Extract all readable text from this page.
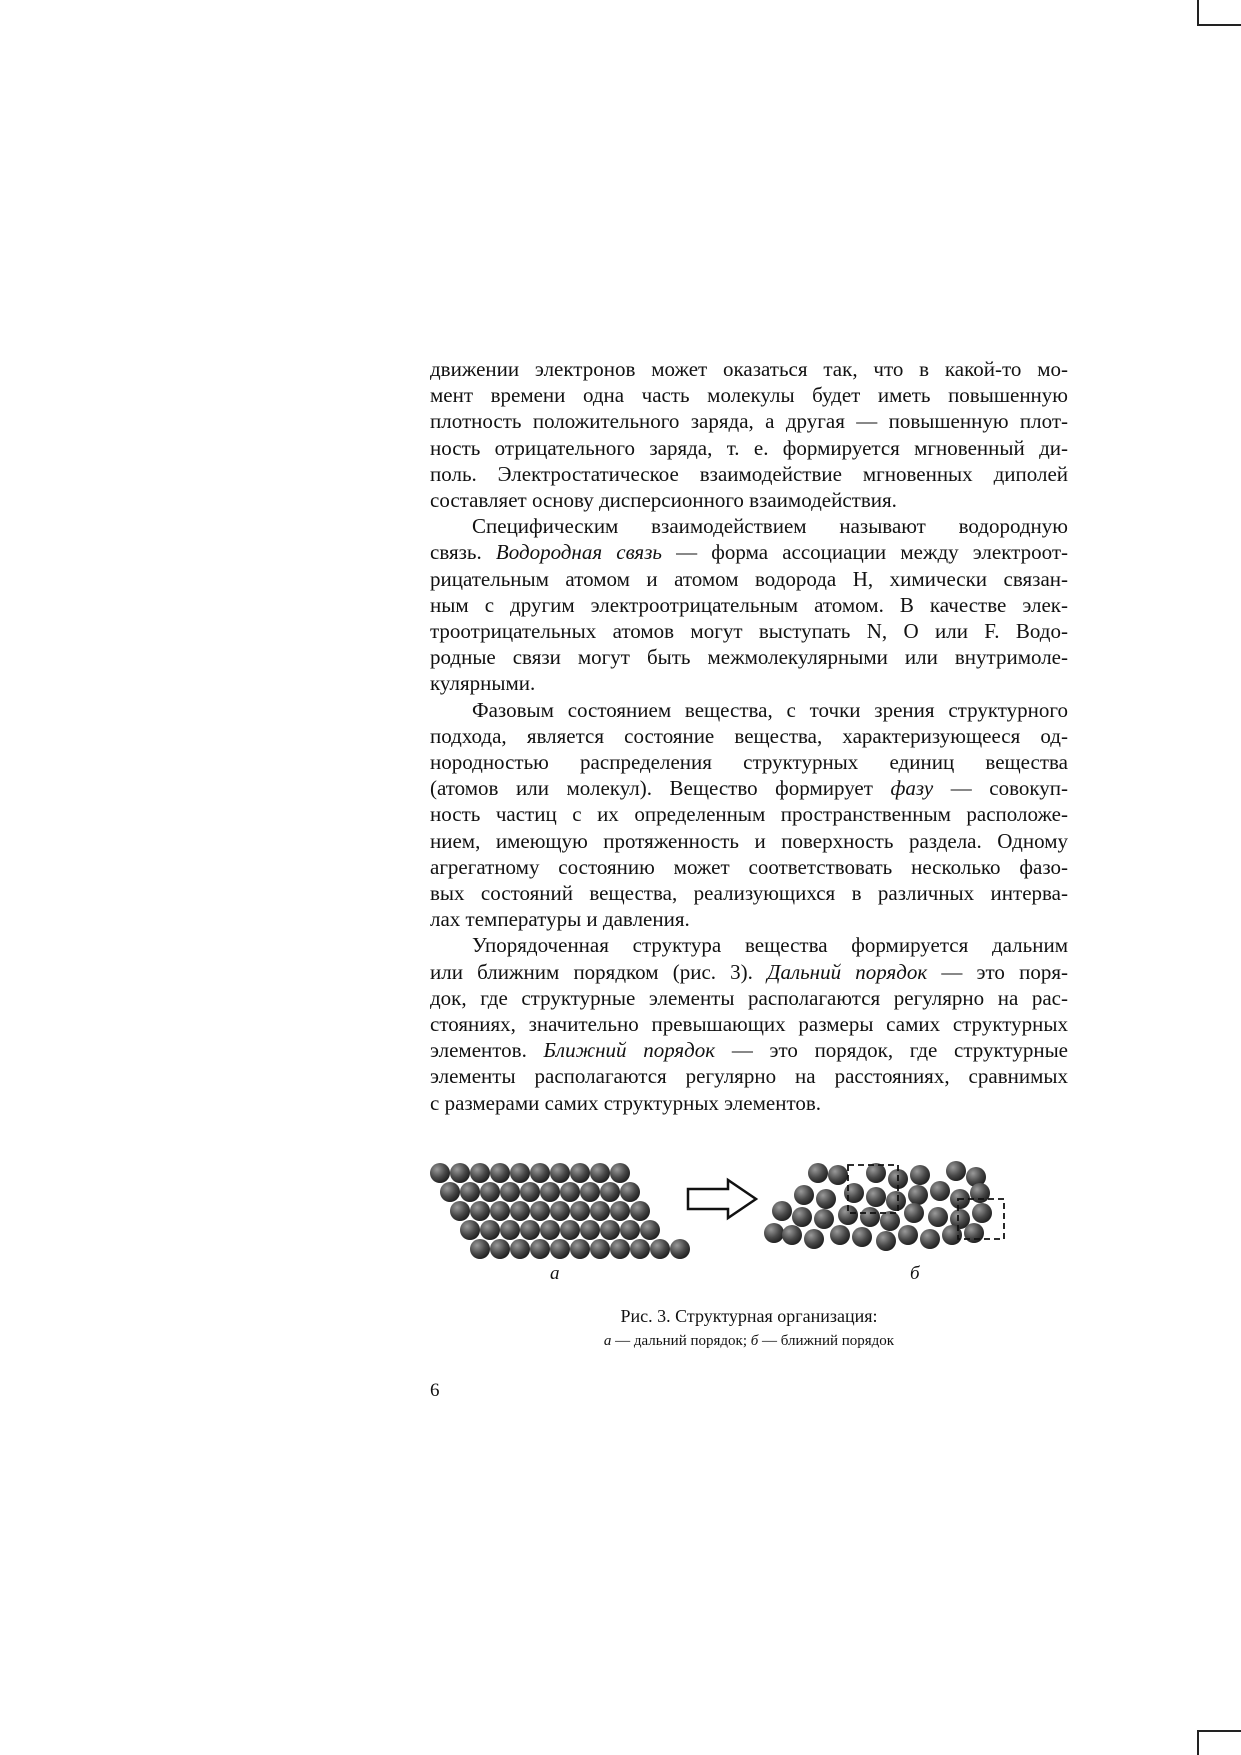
движении электронов может оказаться так, что в какой-то мо-
мент времени одна часть молекулы будет иметь повышенную
плотность положительного заряда, а другая — повышенную плот-
ность отрицательного заряда, т. е. формируется мгновенный ди-
поль. Электростатическое взаимодействие мгновенных диполей
составляет основу дисперсионного взаимодействия.

Специфическим взаимодействием называют водородную
связь. Водородная связь — форма ассоциации между электроот-
рицательным атомом и атомом водорода H, химически связан-
ным с другим электроотрицательным атомом. В качестве элек-
троотрицательных атомов могут выступать N, O или F. Водо-
родные связи могут быть межмолекулярными или внутримоле-
кулярными.

Фазовым состоянием вещества, с точки зрения структурного
подхода, является состояние вещества, характеризующееся од-
нородностью распределения структурных единиц вещества
(атомов или молекул). Вещество формирует фазу — совокуп-
ность частиц с их определенным пространственным расположе-
нием, имеющую протяженность и поверхность раздела. Одному
агрегатному состоянию может соответствовать несколько фазо-
вых состояний вещества, реализующихся в различных интерва-
лах температуры и давления.

Упорядоченная структура вещества формируется дальним
или ближним порядком (рис. 3). Дальний порядок — это поря-
док, где структурные элементы располагаются регулярно на рас-
стояниях, значительно превышающих размеры самих структурных
элементов. Ближний порядок — это порядок, где структурные
элементы располагаются регулярно на расстояниях, сравнимых
с размерами самих структурных элементов.

а	б
Рис. 3. Структурная организация:
а — дальний порядок; б — ближний порядок
6
